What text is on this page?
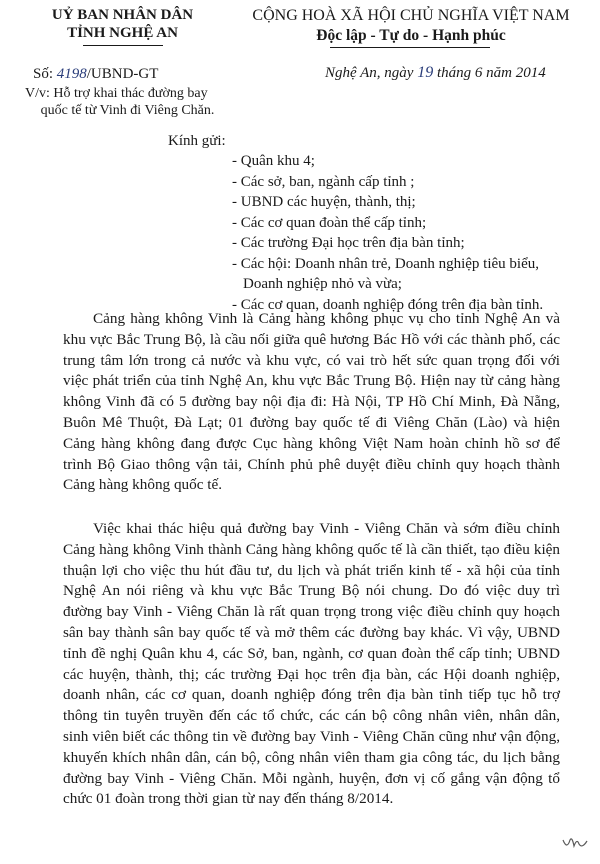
UỶ BAN NHÂN DÂN
TỈNH NGHỆ AN
Số: 4198/UBND-GT
V/v: Hỗ trợ khai thác đường bay
quốc tế từ Vinh đi Viêng Chăn.
CỘNG HOÀ XÃ HỘI CHỦ NGHĨA VIỆT NAM
Độc lập - Tự do - Hạnh phúc
Nghệ An, ngày 19 tháng 6 năm 2014
Kính gửi:
- Quân khu 4;
- Các sở, ban, ngành cấp tỉnh ;
- UBND các huyện, thành, thị;
- Các cơ quan đoàn thể cấp tỉnh;
- Các trường Đại học trên địa bàn tỉnh;
- Các hội: Doanh nhân trẻ, Doanh nghiệp tiêu biểu,
Doanh nghiệp nhỏ và vừa;
- Các cơ quan, doanh nghiệp đóng trên địa bàn tỉnh.
Cảng hàng không Vinh là Cảng hàng không phục vụ cho tỉnh Nghệ An và khu vực Bắc Trung Bộ, là cầu nối giữa quê hương Bác Hồ với các thành phố, các trung tâm lớn trong cả nước và khu vực, có vai trò hết sức quan trọng đối với việc phát triển của tỉnh Nghệ An, khu vực Bắc Trung Bộ. Hiện nay từ cảng hàng không Vinh đã có 5 đường bay nội địa đi: Hà Nội, TP Hồ Chí Minh, Đà Nẵng, Buôn Mê Thuột, Đà Lạt; 01 đường bay quốc tế đi Viêng Chăn (Lào) và hiện Cảng hàng không đang được Cục hàng không Việt Nam hoàn chỉnh hồ sơ để trình Bộ Giao thông vận tải, Chính phủ phê duyệt điều chỉnh quy hoạch thành Cảng hàng không quốc tế.
Việc khai thác hiệu quả đường bay Vinh - Viêng Chăn và sớm điều chỉnh Cảng hàng không Vinh thành Cảng hàng không quốc tế là cần thiết, tạo điều kiện thuận lợi cho việc thu hút đầu tư, du lịch và phát triển kinh tế - xã hội của tỉnh Nghệ An nói riêng và khu vực Bắc Trung Bộ nói chung. Do đó việc duy trì đường bay Vinh - Viêng Chăn là rất quan trọng trong việc điều chỉnh quy hoạch sân bay thành sân bay quốc tế và mở thêm các đường bay khác. Vì vậy, UBND tỉnh đề nghị Quân khu 4, các Sở, ban, ngành, cơ quan đoàn thể cấp tỉnh; UBND các huyện, thành, thị; các trường Đại học trên địa bàn, các Hội doanh nghiệp, doanh nhân, các cơ quan, doanh nghiệp đóng trên địa bàn tỉnh tiếp tục hỗ trợ thông tin tuyên truyền đến các tổ chức, các cán bộ công nhân viên, nhân dân, sinh viên biết các thông tin về đường bay Vinh - Viêng Chăn cũng như vận động, khuyến khích nhân dân, cán bộ, công nhân viên tham gia công tác, du lịch bằng đường bay Vinh - Viêng Chăn. Mỗi ngành, huyện, đơn vị cố gắng vận động tổ chức 01 đoàn trong thời gian từ nay đến tháng 8/2014.
